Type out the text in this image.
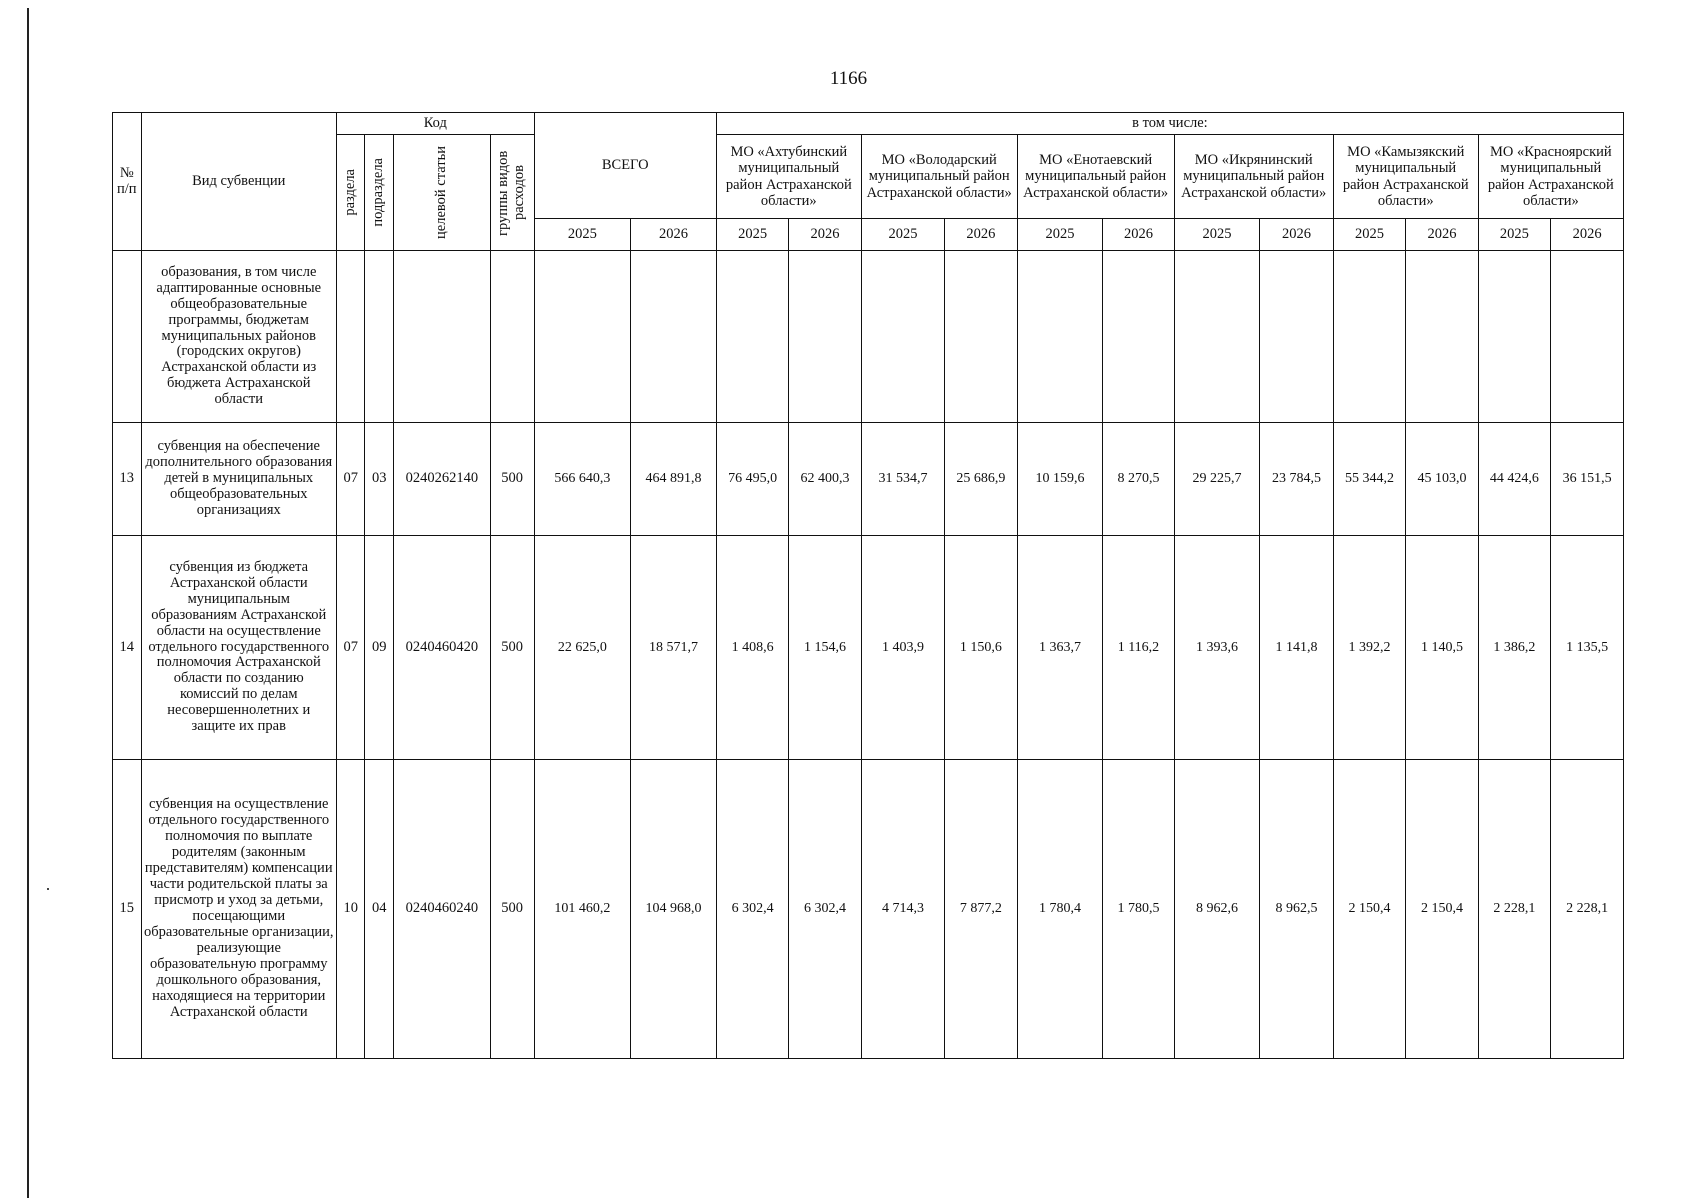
1166
№ п/п	Вид субвенции	Код				ВСЕГО		в том числе:											

		раздела	подраздела	целевой статьи	группы видов расходов			МО «Ахтубинский муниципальный район Астраханской области»		МО «Володарский муниципальный район Астраханской области»		МО «Енотаевский муниципальный район Астраханской области»		МО «Икрянинский муниципальный район Астраханской области»		МО «Камызякский муниципальный район Астраханской области»		МО «Красноярский муниципальный район Астраханской области»	
						2025	2026	2025	2026	2025	2026	2025	2026	2025	2026	2025	2026	2025	2026
	образования, в том числе адаптированные основные общеобразовательные программы, бюджетам муниципальных районов (городских округов) Астраханской области из бюджета Астраханской области																		
13	субвенция на обеспечение дополнительного образования детей в муниципальных общеобразовательных организациях	07	03	0240262140	500	566 640,3	464 891,8	76 495,0	62 400,3	31 534,7	25 686,9	10 159,6	8 270,5	29 225,7	23 784,5	55 344,2	45 103,0	44 424,6	36 151,5
14	субвенция из бюджета Астраханской области муниципальным образованиям Астраханской области на осуществление отдельного государственного полномочия Астраханской области по созданию комиссий по делам несовершеннолетних и защите их прав	07	09	0240460420	500	22 625,0	18 571,7	1 408,6	1 154,6	1 403,9	1 150,6	1 363,7	1 116,2	1 393,6	1 141,8	1 392,2	1 140,5	1 386,2	1 135,5
15	субвенция на осуществление отдельного государственного полномочия по выплате родителям (законным представителям) компенсации части родительской платы за присмотр и уход за детьми, посещающими образовательные организации, реализующие образовательную программу дошкольного образования, находящиеся на территории Астраханской области	10	04	0240460240	500	101 460,2	104 968,0	6 302,4	6 302,4	4 714,3	7 877,2	1 780,4	1 780,5	8 962,6	8 962,5	2 150,4	2 150,4	2 228,1	2 228,1
